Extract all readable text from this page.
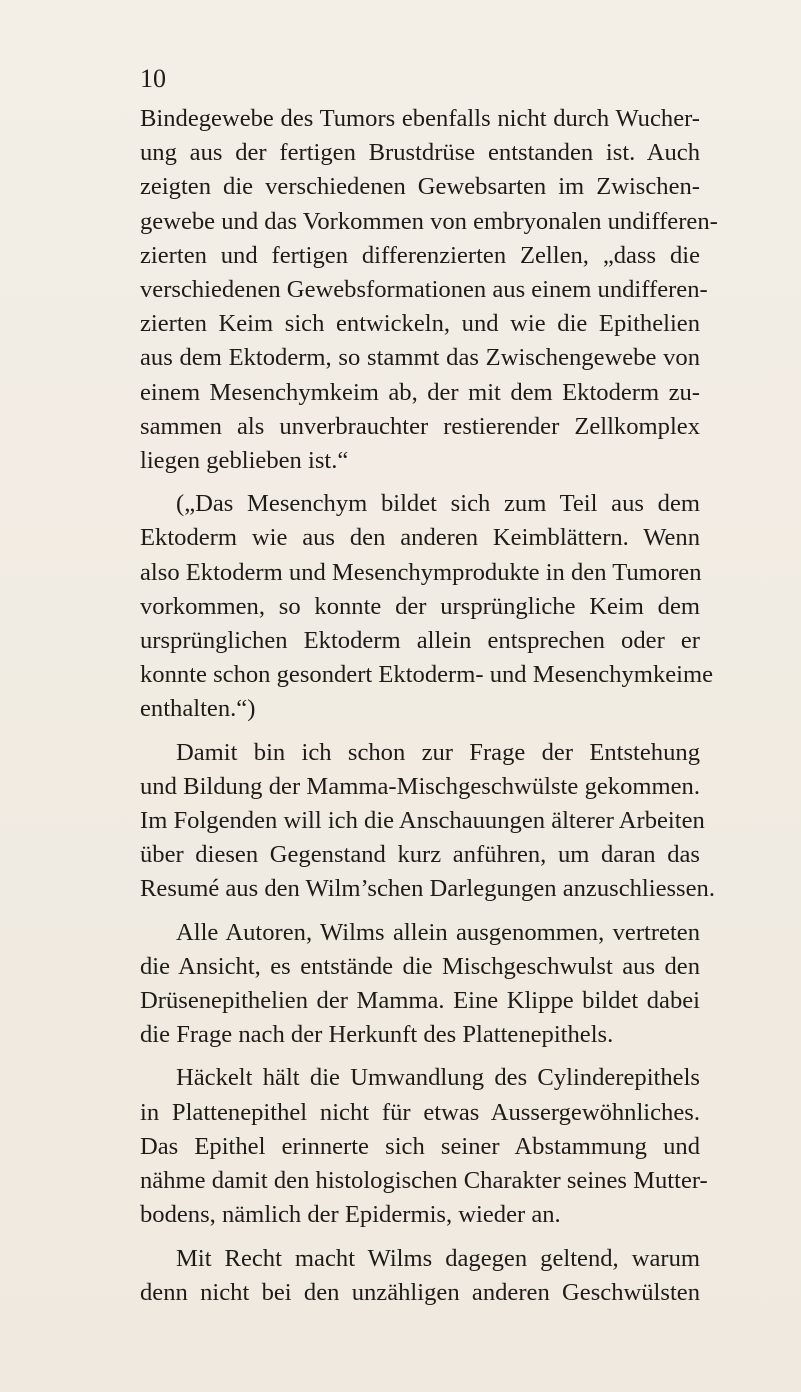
10

Bindegewebe des Tumors ebenfalls nicht durch Wucher-
ung aus der fertigen Brustdrüse entstanden ist. Auch
zeigten die verschiedenen Gewebsarten im Zwischen-
gewebe und das Vorkommen von embryonalen undifferen-
zierten und fertigen differenzierten Zellen, „dass die
verschiedenen Gewebsformationen aus einem undifferen-
zierten Keim sich entwickeln, und wie die Epithelien
aus dem Ektoderm, so stammt das Zwischengewebe von
einem Mesenchymkeim ab, der mit dem Ektoderm zu-
sammen als unverbrauchter restierender Zellkomplex
liegen geblieben ist.“
(„Das Mesenchym bildet sich zum Teil aus dem
Ektoderm wie aus den anderen Keimblättern. Wenn
also Ektoderm und Mesenchymprodukte in den Tumoren
vorkommen, so konnte der ursprüngliche Keim dem
ursprünglichen Ektoderm allein entsprechen oder er
konnte schon gesondert Ektoderm- und Mesenchymkeime
enthalten.“)
Damit bin ich schon zur Frage der Entstehung
und Bildung der Mamma-Mischgeschwülste gekommen.
Im Folgenden will ich die Anschauungen älterer Arbeiten
über diesen Gegenstand kurz anführen, um daran das
Resumé aus den Wilm’schen Darlegungen anzuschliessen.
Alle Autoren, Wilms allein ausgenommen, vertreten
die Ansicht, es entstände die Mischgeschwulst aus den
Drüsenepithelien der Mamma. Eine Klippe bildet dabei
die Frage nach der Herkunft des Plattenepithels.
Häckelt hält die Umwandlung des Cylinderepithels
in Plattenepithel nicht für etwas Aussergewöhnliches.
Das Epithel erinnerte sich seiner Abstammung und
nähme damit den histologischen Charakter seines Mutter-
bodens, nämlich der Epidermis, wieder an.
Mit Recht macht Wilms dagegen geltend, warum
denn nicht bei den unzähligen anderen Geschwülsten
